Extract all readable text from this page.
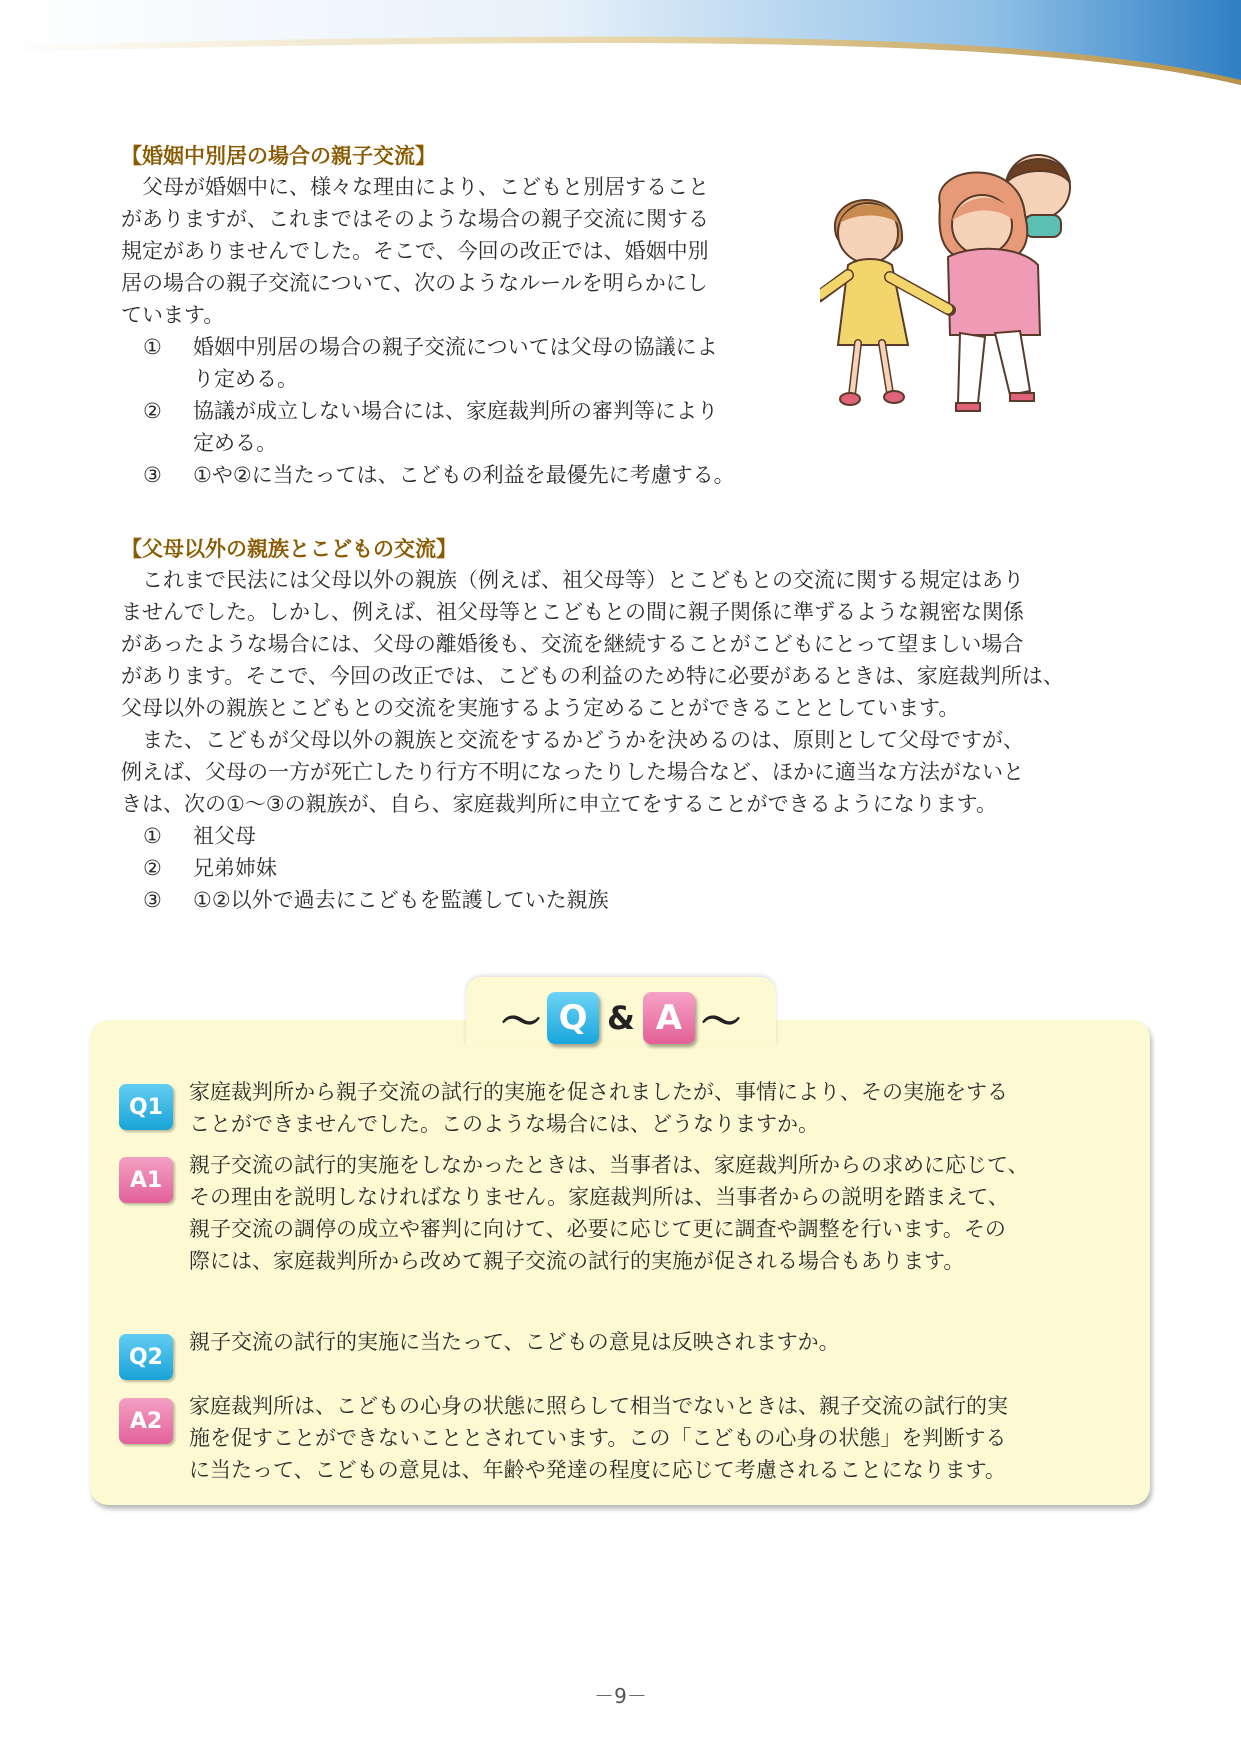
【婚姻中別居の場合の親子交流】

父母が婚姻中に、様々な理由により、こどもと別居すること
がありますが、これまではそのような場合の親子交流に関する
規定がありませんでした。そこで、今回の改正では、婚姻中別
居の場合の親子交流について、次のようなルールを明らかにし
ています。

①	婚姻中別居の場合の親子交流については父母の協議によ
り定める。
②	協議が成立しない場合には、家庭裁判所の審判等により
定める。
③	①や②に当たっては、こどもの利益を最優先に考慮する。
【父母以外の親族とこどもの交流】

これまで民法には父母以外の親族（例えば、祖父母等）とこどもとの交流に関する規定はあり
ませんでした。しかし、例えば、祖父母等とこどもとの間に親子関係に準ずるような親密な関係
があったような場合には、父母の離婚後も、交流を継続することがこどもにとって望ましい場合
があります。そこで、今回の改正では、こどもの利益のため特に必要があるときは、家庭裁判所は、
父母以外の親族とこどもとの交流を実施するよう定めることができることとしています。

また、こどもが父母以外の親族と交流をするかどうかを決めるのは、原則として父母ですが、
例えば、父母の一方が死亡したり行方不明になったりした場合など、ほかに適当な方法がないと
きは、次の①～③の親族が、自ら、家庭裁判所に申立てをすることができるようになります。

①	祖父母
②	兄弟姉妹
③	①②以外で過去にこどもを監護していた親族
～ Q & A ～
Q1
家庭裁判所から親子交流の試行的実施を促されましたが、事情により、その実施をする
ことができませんでした。このような場合には、どうなりますか。
A1
親子交流の試行的実施をしなかったときは、当事者は、家庭裁判所からの求めに応じて、
その理由を説明しなければなりません。家庭裁判所は、当事者からの説明を踏まえて、
親子交流の調停の成立や審判に向けて、必要に応じて更に調査や調整を行います。その
際には、家庭裁判所から改めて親子交流の試行的実施が促される場合もあります。
Q2
親子交流の試行的実施に当たって、こどもの意見は反映されますか。
A2
家庭裁判所は、こどもの心身の状態に照らして相当でないときは、親子交流の試行的実
施を促すことができないこととされています。この「こどもの心身の状態」を判断する
に当たって、こどもの意見は、年齢や発達の程度に応じて考慮されることになります。
－9－
